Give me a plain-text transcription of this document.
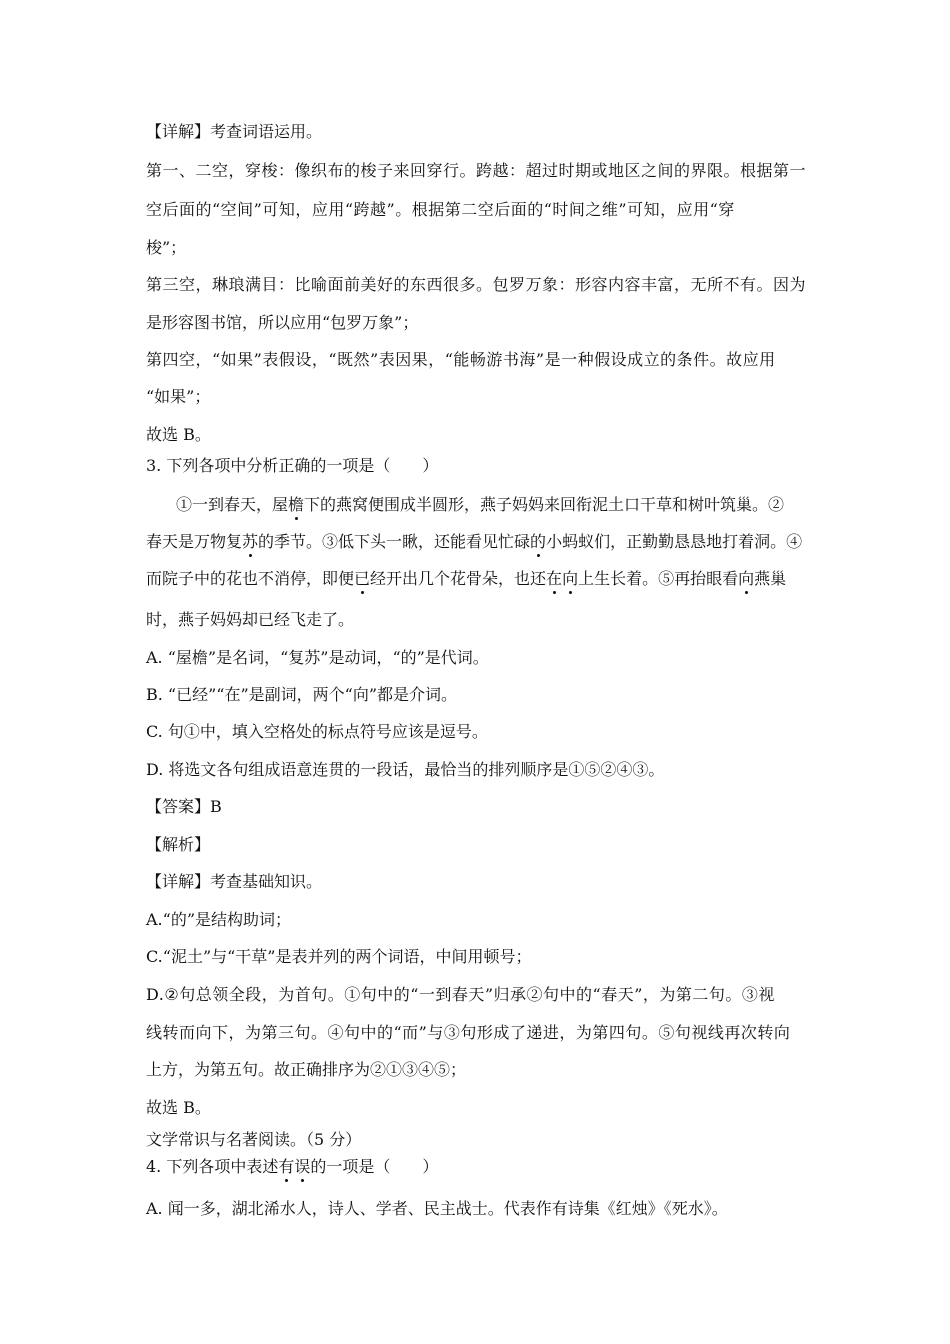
【详解】考查词语运用。
第一、二空，穿梭：像织布的梭子来回穿行。跨越：超过时期或地区之间的界限。根据第一
空后面的“空间”可知，应用“跨越”。根据第二空后面的“时间之维”可知，应用“穿
梭”；
第三空，琳琅满目：比喻面前美好的东西很多。包罗万象：形容内容丰富，无所不有。因为
是形容图书馆，所以应用“包罗万象”；
第四空，“如果”表假设，“既然”表因果，“能畅游书海”是一种假设成立的条件。故应用
“如果”；
故选 B。
3. 下列各项中分析正确的一项是（　　）
①一到春天，屋檐下的燕窝便围成半圆形，燕子妈妈来回衔泥土口干草和树叶筑巢。②
春天是万物复苏的季节。③低下头一瞅，还能看见忙碌的小蚂蚁们，正勤勤恳恳地打着洞。④
而院子中的花也不消停，即便已经开出几个花骨朵，也还在向上生长着。⑤再抬眼看向燕巢
时，燕子妈妈却已经飞走了。
A. “屋檐”是名词，“复苏”是动词，“的”是代词。
B. “已经”“在”是副词，两个“向”都是介词。
C. 句①中，填入空格处的标点符号应该是逗号。
D. 将选文各句组成语意连贯的一段话，最恰当的排列顺序是①⑤②④③。
【答案】B
【解析】
【详解】考查基础知识。
A.“的”是结构助词；
C.“泥土”与“干草”是表并列的两个词语，中间用顿号；
D.②句总领全段，为首句。①句中的“一到春天”归承②句中的“春天”，为第二句。③视
线转而向下，为第三句。④句中的“而”与③句形成了递进，为第四句。⑤句视线再次转向
上方，为第五句。故正确排序为②①③④⑤；
故选 B。
文学常识与名著阅读。（5 分）
4. 下列各项中表述有误的一项是（　　）
A. 闻一多，湖北浠水人，诗人、学者、民主战士。代表作有诗集《红烛》《死水》。
